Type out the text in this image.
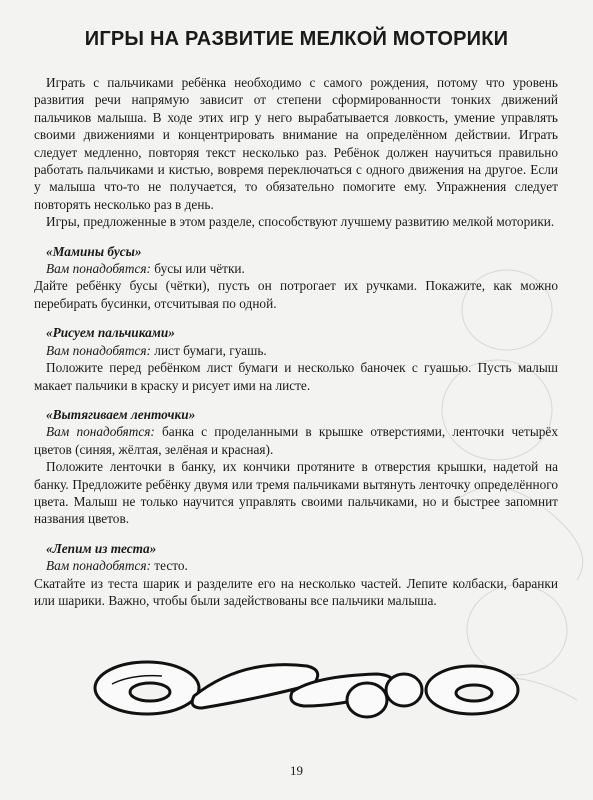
ИГРЫ НА РАЗВИТИЕ МЕЛКОЙ МОТОРИКИ

Играть с пальчиками ребёнка необходимо с самого рождения, потому что уровень развития речи напрямую зависит от степени сформированности тонких движений пальчиков малыша. В ходе этих игр у него вырабатывается ловкость, умение управлять своими движениями и концентрировать внимание на определённом действии. Играть следует медленно, повторяя текст несколько раз. Ребёнок должен научиться правильно работать пальчиками и кистью, вовремя переключаться с одного движения на другое. Если у малыша что-то не получается, то обязательно помогите ему. Упражнения следует повторять несколько раз в день.

Игры, предложенные в этом разделе, способствуют лучшему развитию мелкой моторики.

«Мамины бусы»
Вам понадобятся: бусы или чётки.

Дайте ребёнку бусы (чётки), пусть он потрогает их ручками. Покажите, как можно перебирать бусинки, отсчитывая по одной.

«Рисуем пальчиками»
Вам понадобятся: лист бумаги, гуашь.

Положите перед ребёнком лист бумаги и несколько баночек с гуашью. Пусть малыш макает пальчики в краску и рисует ими на листе.

«Вытягиваем ленточки»
Вам понадобятся: банка с проделанными в крышке отверстиями, ленточки четырёх цветов (синяя, жёлтая, зелёная и красная).

Положите ленточки в банку, их кончики протяните в отверстия крышки, надетой на банку. Предложите ребёнку двумя или тремя пальчиками вытянуть ленточку определённого цвета. Малыш не только научится управлять своими пальчиками, но и быстрее запомнит названия цветов.

«Лепим из теста»
Вам понадобятся: тесто.

Скатайте из теста шарик и разделите его на несколько частей. Лепите колбаски, баранки или шарики. Важно, чтобы были задействованы все пальчики малыша.

19
